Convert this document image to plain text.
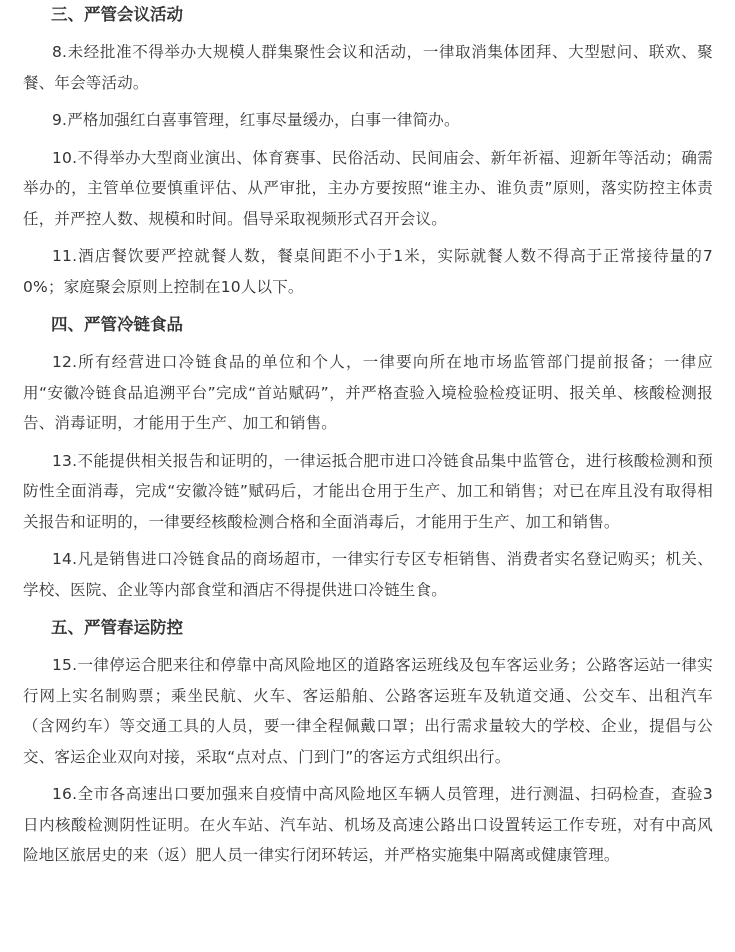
三、严管会议活动

8.未经批准不得举办大规模人群集聚性会议和活动，一律取消集体团拜、大型慰问、联欢、聚餐、年会等活动。

9.严格加强红白喜事管理，红事尽量缓办，白事一律简办。

10.不得举办大型商业演出、体育赛事、民俗活动、民间庙会、新年祈福、迎新年等活动；确需举办的，主管单位要慎重评估、从严审批，主办方要按照“谁主办、谁负责”原则，落实防控主体责任，并严控人数、规模和时间。倡导采取视频形式召开会议。

11.酒店餐饮要严控就餐人数，餐桌间距不小于1米，实际就餐人数不得高于正常接待量的70%；家庭聚会原则上控制在10人以下。

四、严管冷链食品

12.所有经营进口冷链食品的单位和个人，一律要向所在地市场监管部门提前报备；一律应用“安徽冷链食品追溯平台”完成“首站赋码”，并严格查验入境检验检疫证明、报关单、核酸检测报告、消毒证明，才能用于生产、加工和销售。

13.不能提供相关报告和证明的，一律运抵合肥市进口冷链食品集中监管仓，进行核酸检测和预防性全面消毒，完成“安徽冷链”赋码后，才能出仓用于生产、加工和销售；对已在库且没有取得相关报告和证明的，一律要经核酸检测合格和全面消毒后，才能用于生产、加工和销售。

14.凡是销售进口冷链食品的商场超市，一律实行专区专柜销售、消费者实名登记购买；机关、学校、医院、企业等内部食堂和酒店不得提供进口冷链生食。

五、严管春运防控

15.一律停运合肥来往和停靠中高风险地区的道路客运班线及包车客运业务；公路客运站一律实行网上实名制购票；乘坐民航、火车、客运船舶、公路客运班车及轨道交通、公交车、出租汽车（含网约车）等交通工具的人员，要一律全程佩戴口罩；出行需求量较大的学校、企业，提倡与公交、客运企业双向对接，采取“点对点、门到门”的客运方式组织出行。

16.全市各高速出口要加强来自疫情中高风险地区车辆人员管理，进行测温、扫码检查，查验3日内核酸检测阴性证明。在火车站、汽车站、机场及高速公路出口设置转运工作专班，对有中高风险地区旅居史的来（返）肥人员一律实行闭环转运，并严格实施集中隔离或健康管理。
